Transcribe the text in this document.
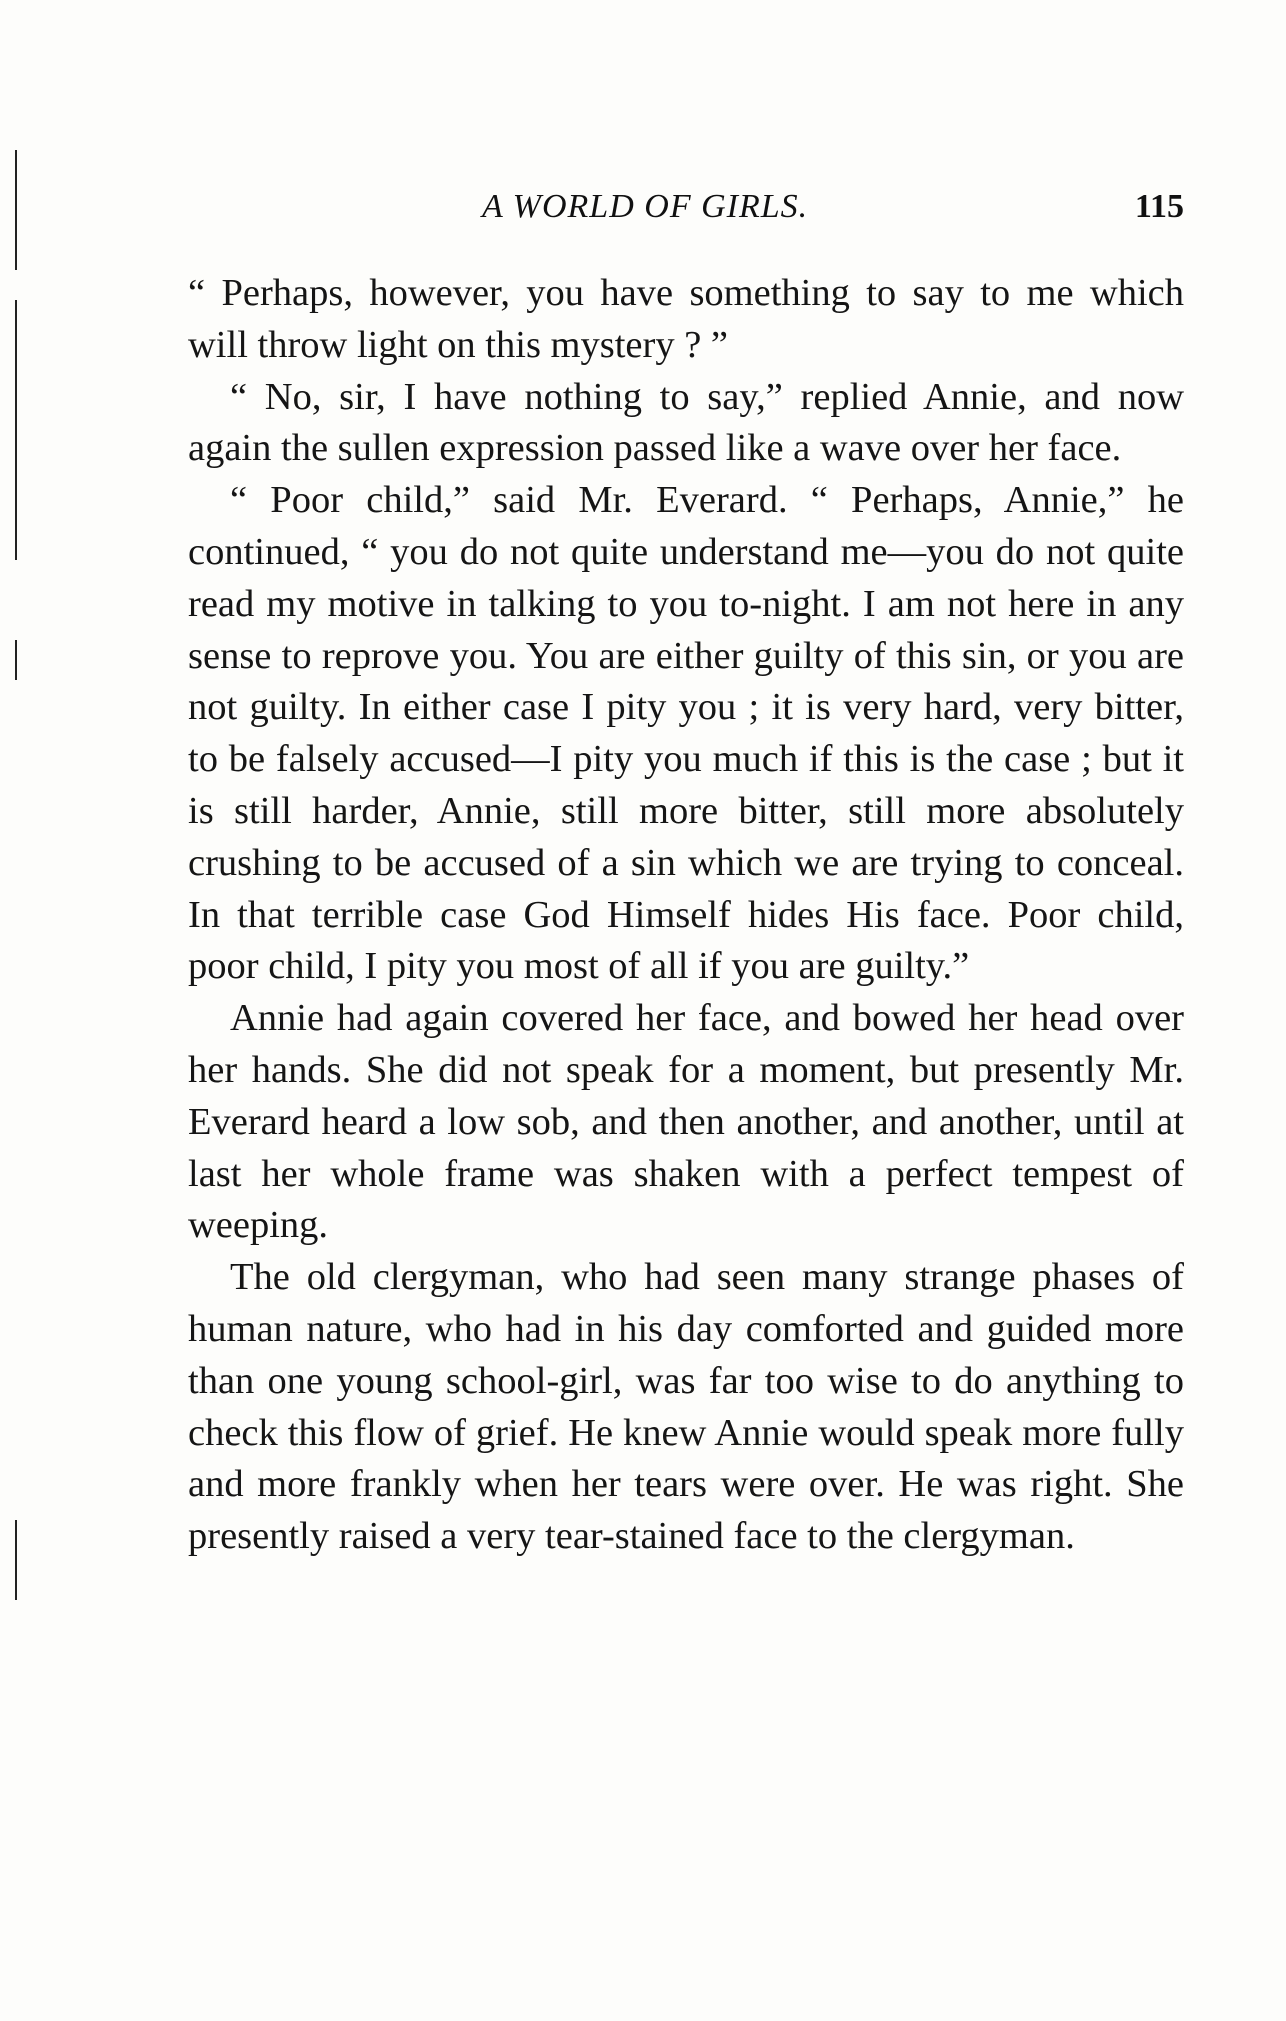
A WORLD OF GIRLS.	115

“ Perhaps, however, you have something to say to me which will throw light on this mystery ? ”

“ No, sir, I have nothing to say,” replied Annie, and now again the sullen expression passed like a wave over her face.

“ Poor child,” said Mr. Everard. “ Perhaps, Annie,” he continued, “ you do not quite understand me—you do not quite read my motive in talking to you to-night. I am not here in any sense to reprove you. You are either guilty of this sin, or you are not guilty. In either case I pity you ; it is very hard, very bitter, to be falsely accused—I pity you much if this is the case ; but it is still harder, Annie, still more bitter, still more absolutely crushing to be accused of a sin which we are trying to conceal. In that terrible case God Himself hides His face. Poor child, poor child, I pity you most of all if you are guilty.”

Annie had again covered her face, and bowed her head over her hands. She did not speak for a moment, but presently Mr. Everard heard a low sob, and then another, and another, until at last her whole frame was shaken with a perfect tempest of weeping.

The old clergyman, who had seen many strange phases of human nature, who had in his day comforted and guided more than one young school-girl, was far too wise to do anything to check this flow of grief. He knew Annie would speak more fully and more frankly when her tears were over. He was right. She presently raised a very tear-stained face to the clergyman.
